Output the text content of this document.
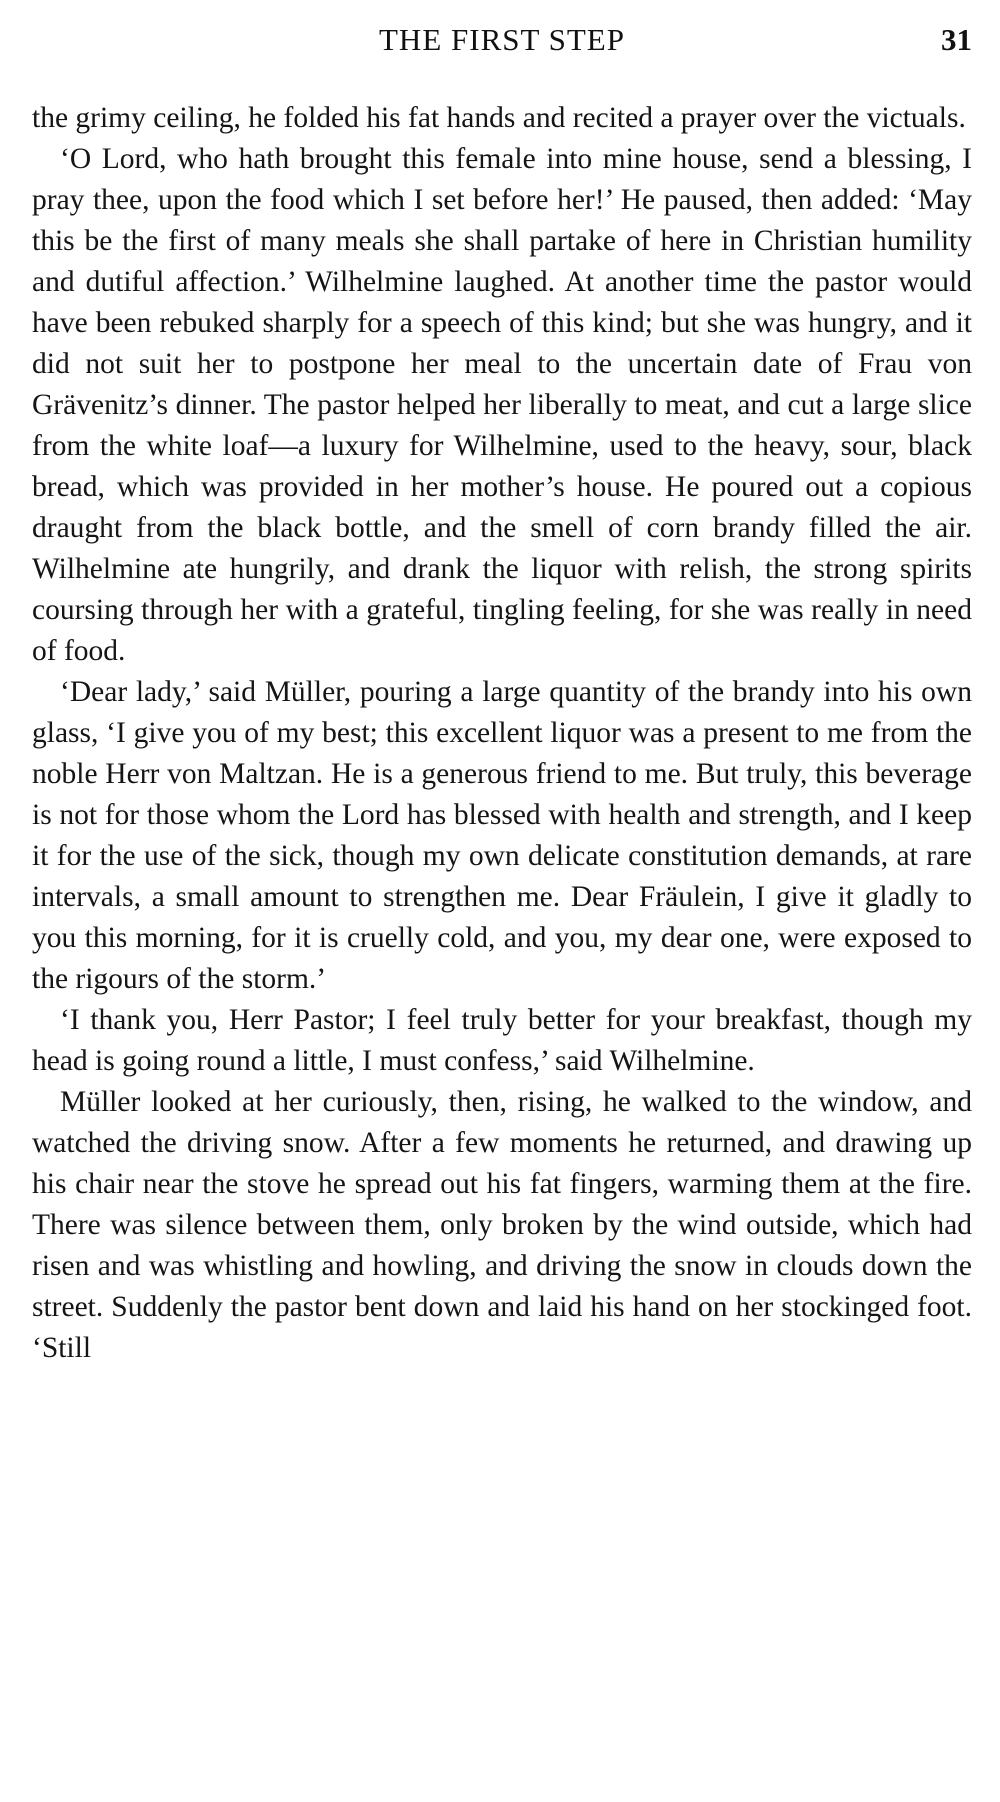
THE FIRST STEP	31

the grimy ceiling, he folded his fat hands and recited a prayer over the victuals.

‘O Lord, who hath brought this female into mine house, send a blessing, I pray thee, upon the food which I set before her!’ He paused, then added: ‘May this be the first of many meals she shall partake of here in Christian humility and dutiful affection.’ Wilhelmine laughed. At another time the pastor would have been rebuked sharply for a speech of this kind; but she was hungry, and it did not suit her to postpone her meal to the uncertain date of Frau von Grävenitz’s dinner. The pastor helped her liberally to meat, and cut a large slice from the white loaf—a luxury for Wilhelmine, used to the heavy, sour, black bread, which was provided in her mother’s house. He poured out a copious draught from the black bottle, and the smell of corn brandy filled the air. Wilhelmine ate hungrily, and drank the liquor with relish, the strong spirits coursing through her with a grateful, tingling feeling, for she was really in need of food.

‘Dear lady,’ said Müller, pouring a large quantity of the brandy into his own glass, ‘I give you of my best; this excellent liquor was a present to me from the noble Herr von Maltzan. He is a generous friend to me. But truly, this beverage is not for those whom the Lord has blessed with health and strength, and I keep it for the use of the sick, though my own delicate constitution demands, at rare intervals, a small amount to strengthen me. Dear Fräulein, I give it gladly to you this morning, for it is cruelly cold, and you, my dear one, were exposed to the rigours of the storm.’

‘I thank you, Herr Pastor; I feel truly better for your breakfast, though my head is going round a little, I must confess,’ said Wilhelmine.

Müller looked at her curiously, then, rising, he walked to the window, and watched the driving snow. After a few moments he returned, and drawing up his chair near the stove he spread out his fat fingers, warming them at the fire. There was silence between them, only broken by the wind outside, which had risen and was whistling and howling, and driving the snow in clouds down the street. Suddenly the pastor bent down and laid his hand on her stockinged foot. ‘Still
